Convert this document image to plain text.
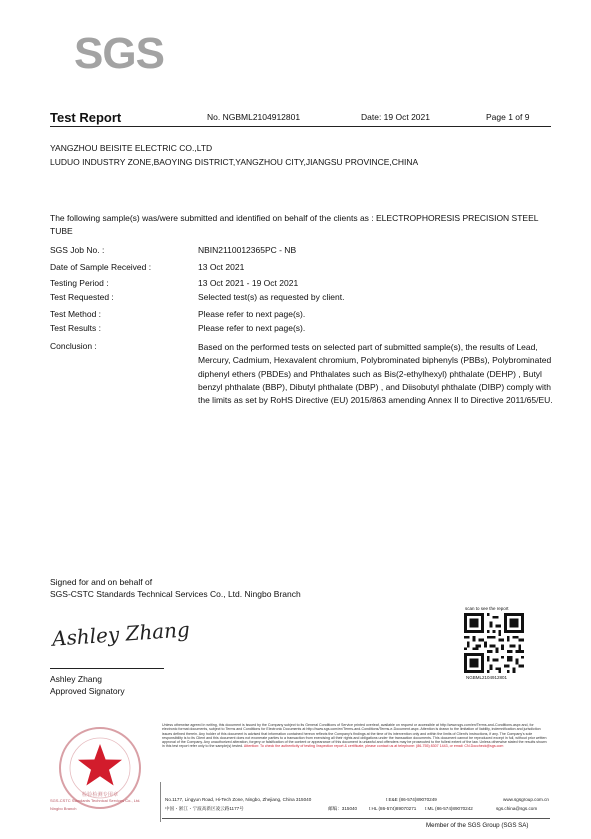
SGS
Test Report	No. NGBML2104912801	Date: 19 Oct 2021	Page 1 of 9
YANGZHOU BEISITE ELECTRIC CO.,LTD
LUDUO INDUSTRY ZONE,BAOYING DISTRICT,YANGZHOU CITY,JIANGSU PROVINCE,CHINA
The following sample(s) was/were submitted and identified on behalf of the clients as : ELECTROPHORESIS PRECISION STEEL TUBE
SGS Job No. :	NBIN2110012365PC - NB
Date of Sample Received :	13 Oct 2021
Testing Period :	13 Oct 2021 - 19 Oct 2021
Test Requested :	Selected test(s) as requested by client.
Test Method :	Please refer to next page(s).
Test Results :	Please refer to next page(s).
Conclusion :	Based on the performed tests on selected part of submitted sample(s), the results of Lead, Mercury, Cadmium, Hexavalent chromium, Polybrominated biphenyls (PBBs), Polybrominated diphenyl ethers (PBDEs) and Phthalates such as Bis(2-ethylhexyl) phthalate (DEHP) , Butyl benzyl phthalate (BBP), Dibutyl phthalate (DBP) , and Diisobutyl phthalate (DIBP) comply with the limits as set by RoHS Directive (EU) 2015/863 amending Annex II to Directive 2011/65/EU.
Signed for and on behalf of
SGS-CSTC Standards Technical Services Co., Ltd. Ningbo Branch
Ashley Zhang
Ashley Zhang
Approved Signatory
scan to see the report
NGBML2104912801
检验检测专用章
SGS-CSTC Standards Technical Services Co., Ltd.
Ningbo Branch
Unless otherwise agreed in writing, this document is issued by the Company subject to its General Conditions of Service printed overleaf, available on request or accessible at http://www.sgs.com/en/Terms-and-Conditions.aspx and, for electronic format documents, subject to Terms and Conditions for Electronic Documents at http://www.sgs.com/en/Terms-and-Conditions/Terms-e-Document.aspx. Attention is drawn to the limitation of liability, indemnification and jurisdiction issues defined therein. Any holder of this document is advised that information contained hereon reflects the Company's findings at the time of its intervention only and within the limits of Client's instructions, if any. The Company's sole responsibility is to its Client and this document does not exonerate parties to a transaction from exercising all their rights and obligations under the transaction documents. This document cannot be reproduced except in full, without prior written approval of the Company. Any unauthorized alteration, forgery or falsification of the content or appearance of this document is unlawful and offenders may be prosecuted to the fullest extent of the law. Unless otherwise stated the results shown in this test report refer only to the sample(s) tested. Attention: To check the authenticity of testing /inspection report & certificate, please contact us at telephone: (86-755) 8307 1443, or email: CN.Doccheck@sgs.com
No.1177, Lingyun Road, Hi-Tech Zone, Ningbo, Zhejiang, China 315040	t E&E (86-574)89070249	www.sgsgroup.com.cn
中国・浙江・宁波高新区凌云路1177号	邮编：315040	t HL (86-574)89070271 t ML (86-574)89070242	sgs.china@sgs.com
Member of the SGS Group (SGS SA)
